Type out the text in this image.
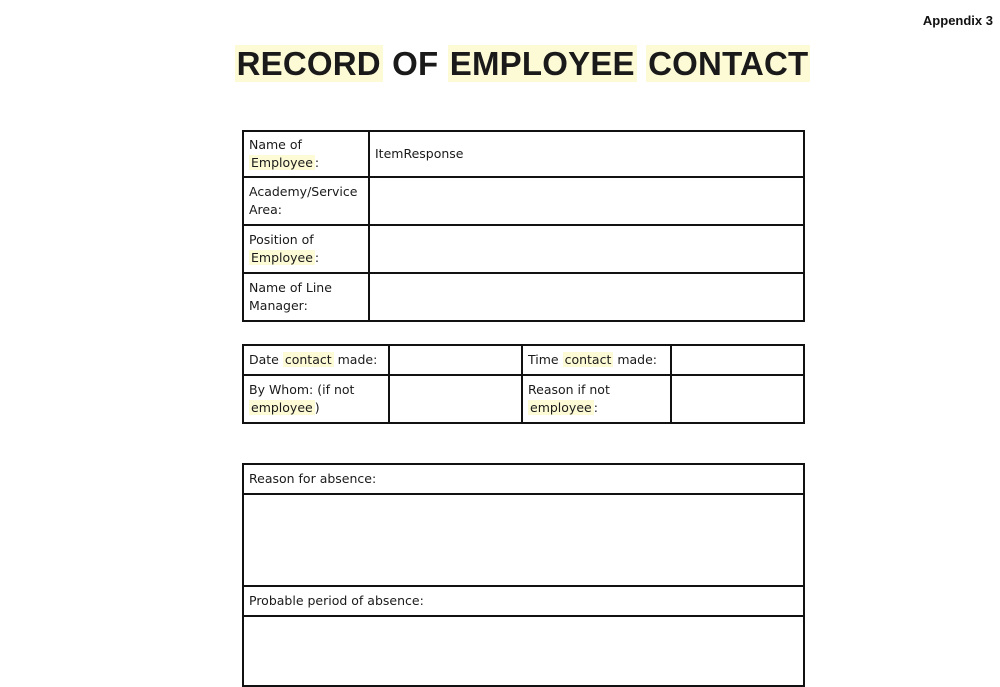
Appendix 3
RECORD OF EMPLOYEE CONTACT
Name of Employee :	ItemResponse
Academy/Service Area:	
Position of Employee :	
Name of Line Manager:	
Date contact made:		Time contact made:	
By Whom: (if not employee )		Reason if not employee :	
Reason for absence:

Probable period of absence:
